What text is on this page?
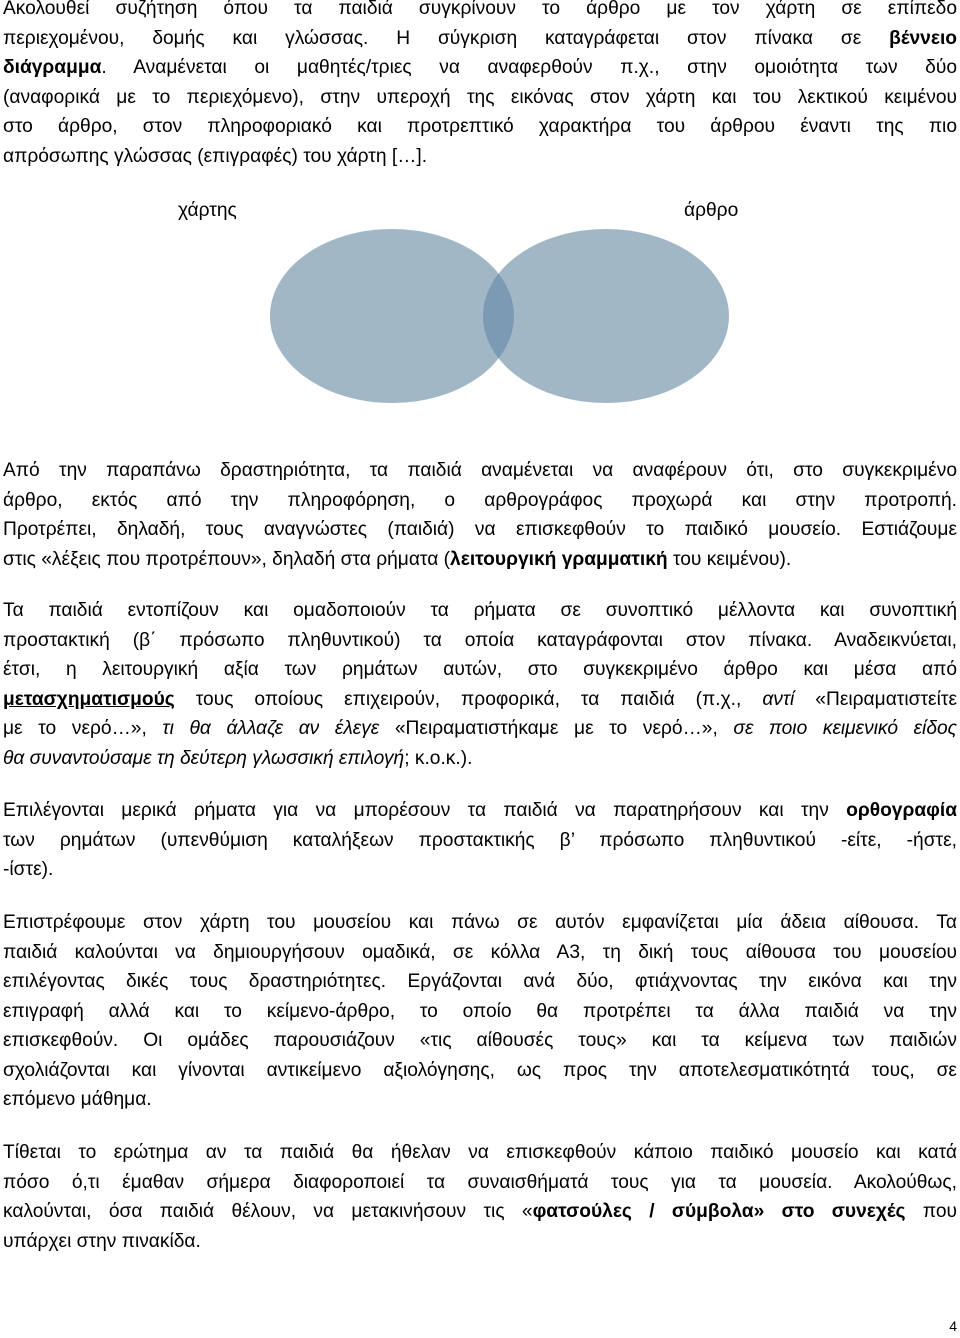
Ακολουθεί συζήτηση όπου τα παιδιά συγκρίνουν το άρθρο με τον χάρτη σε επίπεδο
περιεχομένου, δομής και γλώσσας. Η σύγκριση καταγράφεται στον πίνακα σε βέννειο
διάγραμμα. Αναμένεται οι μαθητές/τριες να αναφερθούν π.χ., στην ομοιότητα των δύο
(αναφορικά με το περιεχόμενο), στην υπεροχή της εικόνας στον χάρτη και του λεκτικού κειμένου
στο άρθρο, στον πληροφοριακό και προτρεπτικό χαρακτήρα του άρθρου έναντι της πιο
απρόσωπης γλώσσας (επιγραφές) του χάρτη […].
χάρτης	άρθρο
Από την παραπάνω δραστηριότητα, τα παιδιά αναμένεται να αναφέρουν ότι, στο συγκεκριμένο
άρθρο, εκτός από την πληροφόρηση, ο αρθρογράφος προχωρά και στην προτροπή.
Προτρέπει, δηλαδή, τους αναγνώστες (παιδιά) να επισκεφθούν το παιδικό μουσείο. Εστιάζουμε
στις «λέξεις που προτρέπουν», δηλαδή στα ρήματα (λειτουργική γραμματική του κειμένου).
Τα παιδιά εντοπίζουν και ομαδοποιούν τα ρήματα σε συνοπτικό μέλλοντα και συνοπτική
προστακτική (β΄ πρόσωπο πληθυντικού) τα οποία καταγράφονται στον πίνακα. Αναδεικνύεται,
έτσι, η λειτουργική αξία των ρημάτων αυτών, στο συγκεκριμένο άρθρο και μέσα από
μετασχηματισμούς τους οποίους επιχειρούν, προφορικά, τα παιδιά (π.χ., αντί «Πειραματιστείτε
με το νερό…», τι θα άλλαζε αν έλεγε «Πειραματιστήκαμε με το νερό…», σε ποιο κειμενικό είδος
θα συναντούσαμε τη δεύτερη γλωσσική επιλογή; κ.ο.κ.).
Επιλέγονται μερικά ρήματα για να μπορέσουν τα παιδιά να παρατηρήσουν και την ορθογραφία
των ρημάτων (υπενθύμιση καταλήξεων προστακτικής β’ πρόσωπο πληθυντικού -είτε, -ήστε,
-ίστε).
Επιστρέφουμε στον χάρτη του μουσείου και πάνω σε αυτόν εμφανίζεται μία άδεια αίθουσα. Τα
παιδιά καλούνται να δημιουργήσουν ομαδικά, σε κόλλα Α3, τη δική τους αίθουσα του μουσείου
επιλέγοντας δικές τους δραστηριότητες. Εργάζονται ανά δύο, φτιάχνοντας την εικόνα και την
επιγραφή αλλά και το κείμενο-άρθρο, το οποίο θα προτρέπει τα άλλα παιδιά να την
επισκεφθούν. Οι ομάδες παρουσιάζουν «τις αίθουσές τους» και τα κείμενα των παιδιών
σχολιάζονται και γίνονται αντικείμενο αξιολόγησης, ως προς την αποτελεσματικότητά τους, σε
επόμενο μάθημα.
Τίθεται το ερώτημα αν τα παιδιά θα ήθελαν να επισκεφθούν κάποιο παιδικό μουσείο και κατά
πόσο ό,τι έμαθαν σήμερα διαφοροποιεί τα συναισθήματά τους για τα μουσεία. Ακολούθως,
καλούνται, όσα παιδιά θέλουν, να μετακινήσουν τις «φατσούλες / σύμβολα» στο συνεχές που
υπάρχει στην πινακίδα.
4
